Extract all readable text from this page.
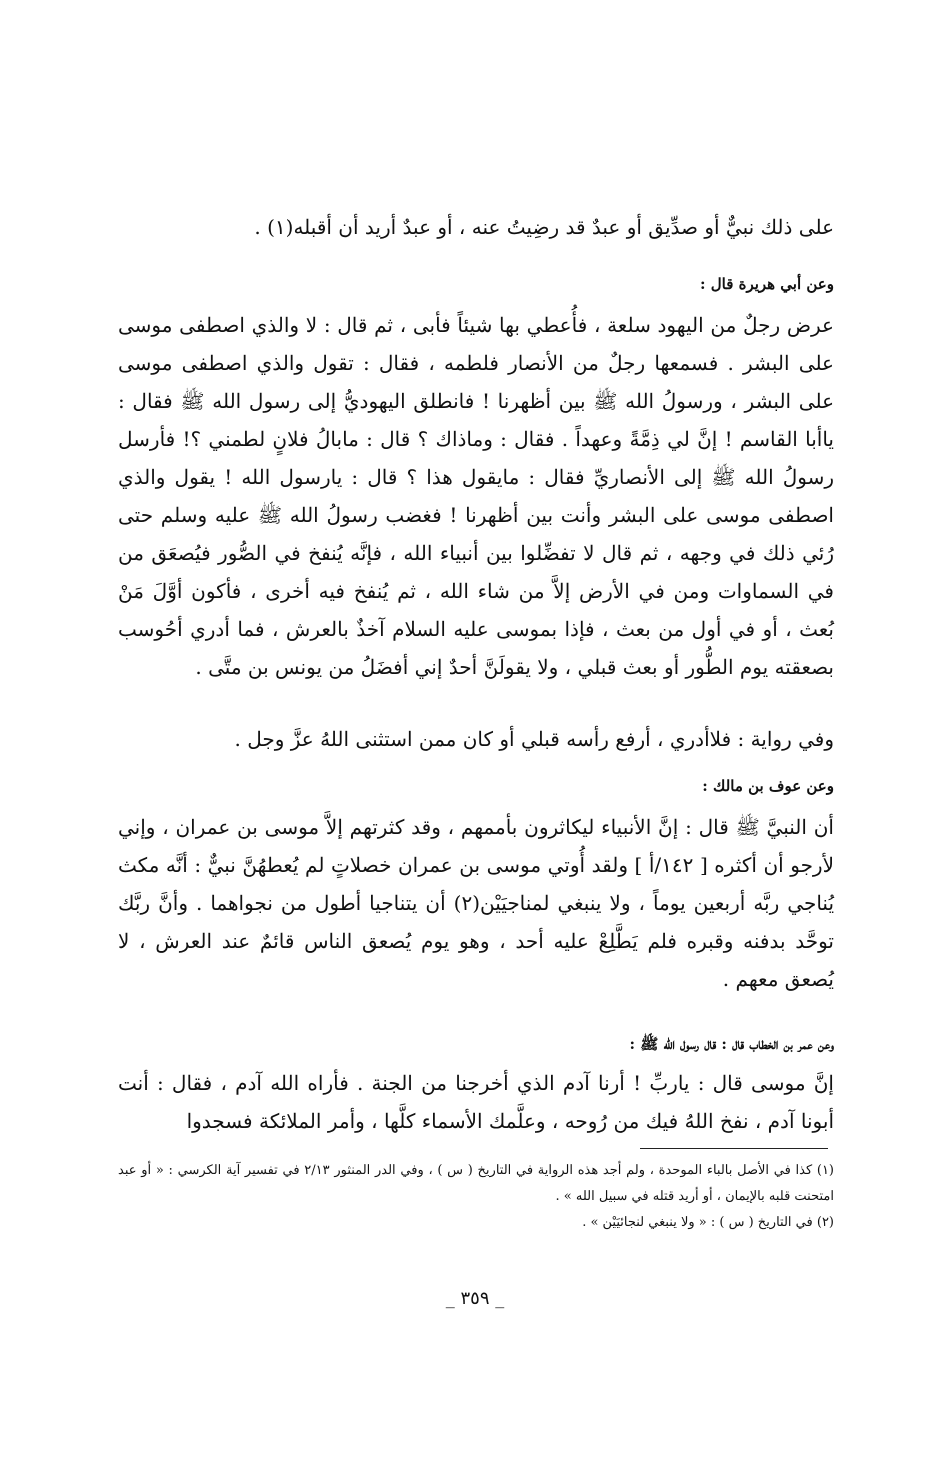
على ذلك نبيٌّ أو صدِّيق أو عبدٌ قد رضِيتُ عنه ، أو عبدٌ أريد أن أقبله(١) .

وعن أبي هريرة قال :

عرض رجلٌ من اليهود سلعة ، فأُعطي بها شيئاً فأبى ، ثم قال : لا والذي اصطفى موسى على البشر . فسمعها رجلٌ من الأنصار فلطمه ، فقال : تقول والذي اصطفى موسى على البشر ، ورسولُ الله ﷺ بين أظهرنا ! فانطلق اليهوديُّ إلى رسول الله ﷺ فقال : ياأبا القاسم ! إنَّ لي ذِمَّةً وعهداً . فقال : وماذاك ؟ قال : مابالُ فلانٍ لطمني ؟! فأرسل رسولُ الله ﷺ إلى الأنصاريِّ فقال : مايقول هذا ؟ قال : يارسول الله ! يقول والذي اصطفى موسى على البشر وأنت بين أظهرنا ! فغضب رسولُ الله ﷺ عليه وسلم حتى رُئي ذلك في وجهه ، ثم قال لا تفضِّلوا بين أنبياء الله ، فإنَّه يُنفخ في الصُّور فيُصعَق من في السماوات ومن في الأرض إلاَّ من شاء الله ، ثم يُنفخ فيه أخرى ، فأكون أوَّلَ مَنْ بُعث ، أو في أول من بعث ، فإذا بموسى عليه السلام آخذٌ بالعرش ، فما أدري أحُوسب بصعقته يوم الطُّور أو بعث قبلي ، ولا يقولَنَّ أحدٌ إني أفضَلُ من يونس بن متَّى .

وفي رواية : فلاأدري ، أرفع رأسه قبلي أو كان ممن استثنى اللهُ عزَّ وجل .

وعن عوف بن مالك :

أن النبيَّ ﷺ قال : إنَّ الأنبياء ليكاثرون بأممهم ، وقد كثرتهم إلاَّ موسى بن عمران ، وإني لأرجو أن أكثره [ ١٤٢/أ ] ولقد أُوتي موسى بن عمران خصلاتٍ لم يُعطهُنَّ نبيٌّ : أنَّه مكث يُناجي ربَّه أربعين يوماً ، ولا ينبغي لمناجيَيْن(٢) أن يتناجيا أطول من نجواهما . وأنَّ ربَّك توحَّد بدفنه وقبره فلم يَطَّلِعْ عليه أحد ، وهو يوم يُصعق الناس قائمٌ عند العرش ، لا يُصعق معهم .

وعن عمر بن الخطاب قال : قال رسول الله ﷺ :

إنَّ موسى قال : ياربِّ ! أرنا آدم الذي أخرجنا من الجنة . فأراه الله آدم ، فقال : أنت أبونا آدم ، نفخ اللهُ فيك من رُوحه ، وعلَّمك الأسماء كلَّها ، وأمر الملائكة فسجدوا

(١) كذا في الأصل بالباء الموحدة ، ولم أجد هذه الرواية في التاريخ ( س ) ، وفي الدر المنثور ٢/١٣ في تفسير آية الكرسي : « أو عبد امتحنت قلبه بالإيمان ، أو أريد قتله في سبيل الله » .

(٢) في التاريخ ( س ) : « ولا ينبغي لنجائيَيْن » .

_ ٣٥٩ _
